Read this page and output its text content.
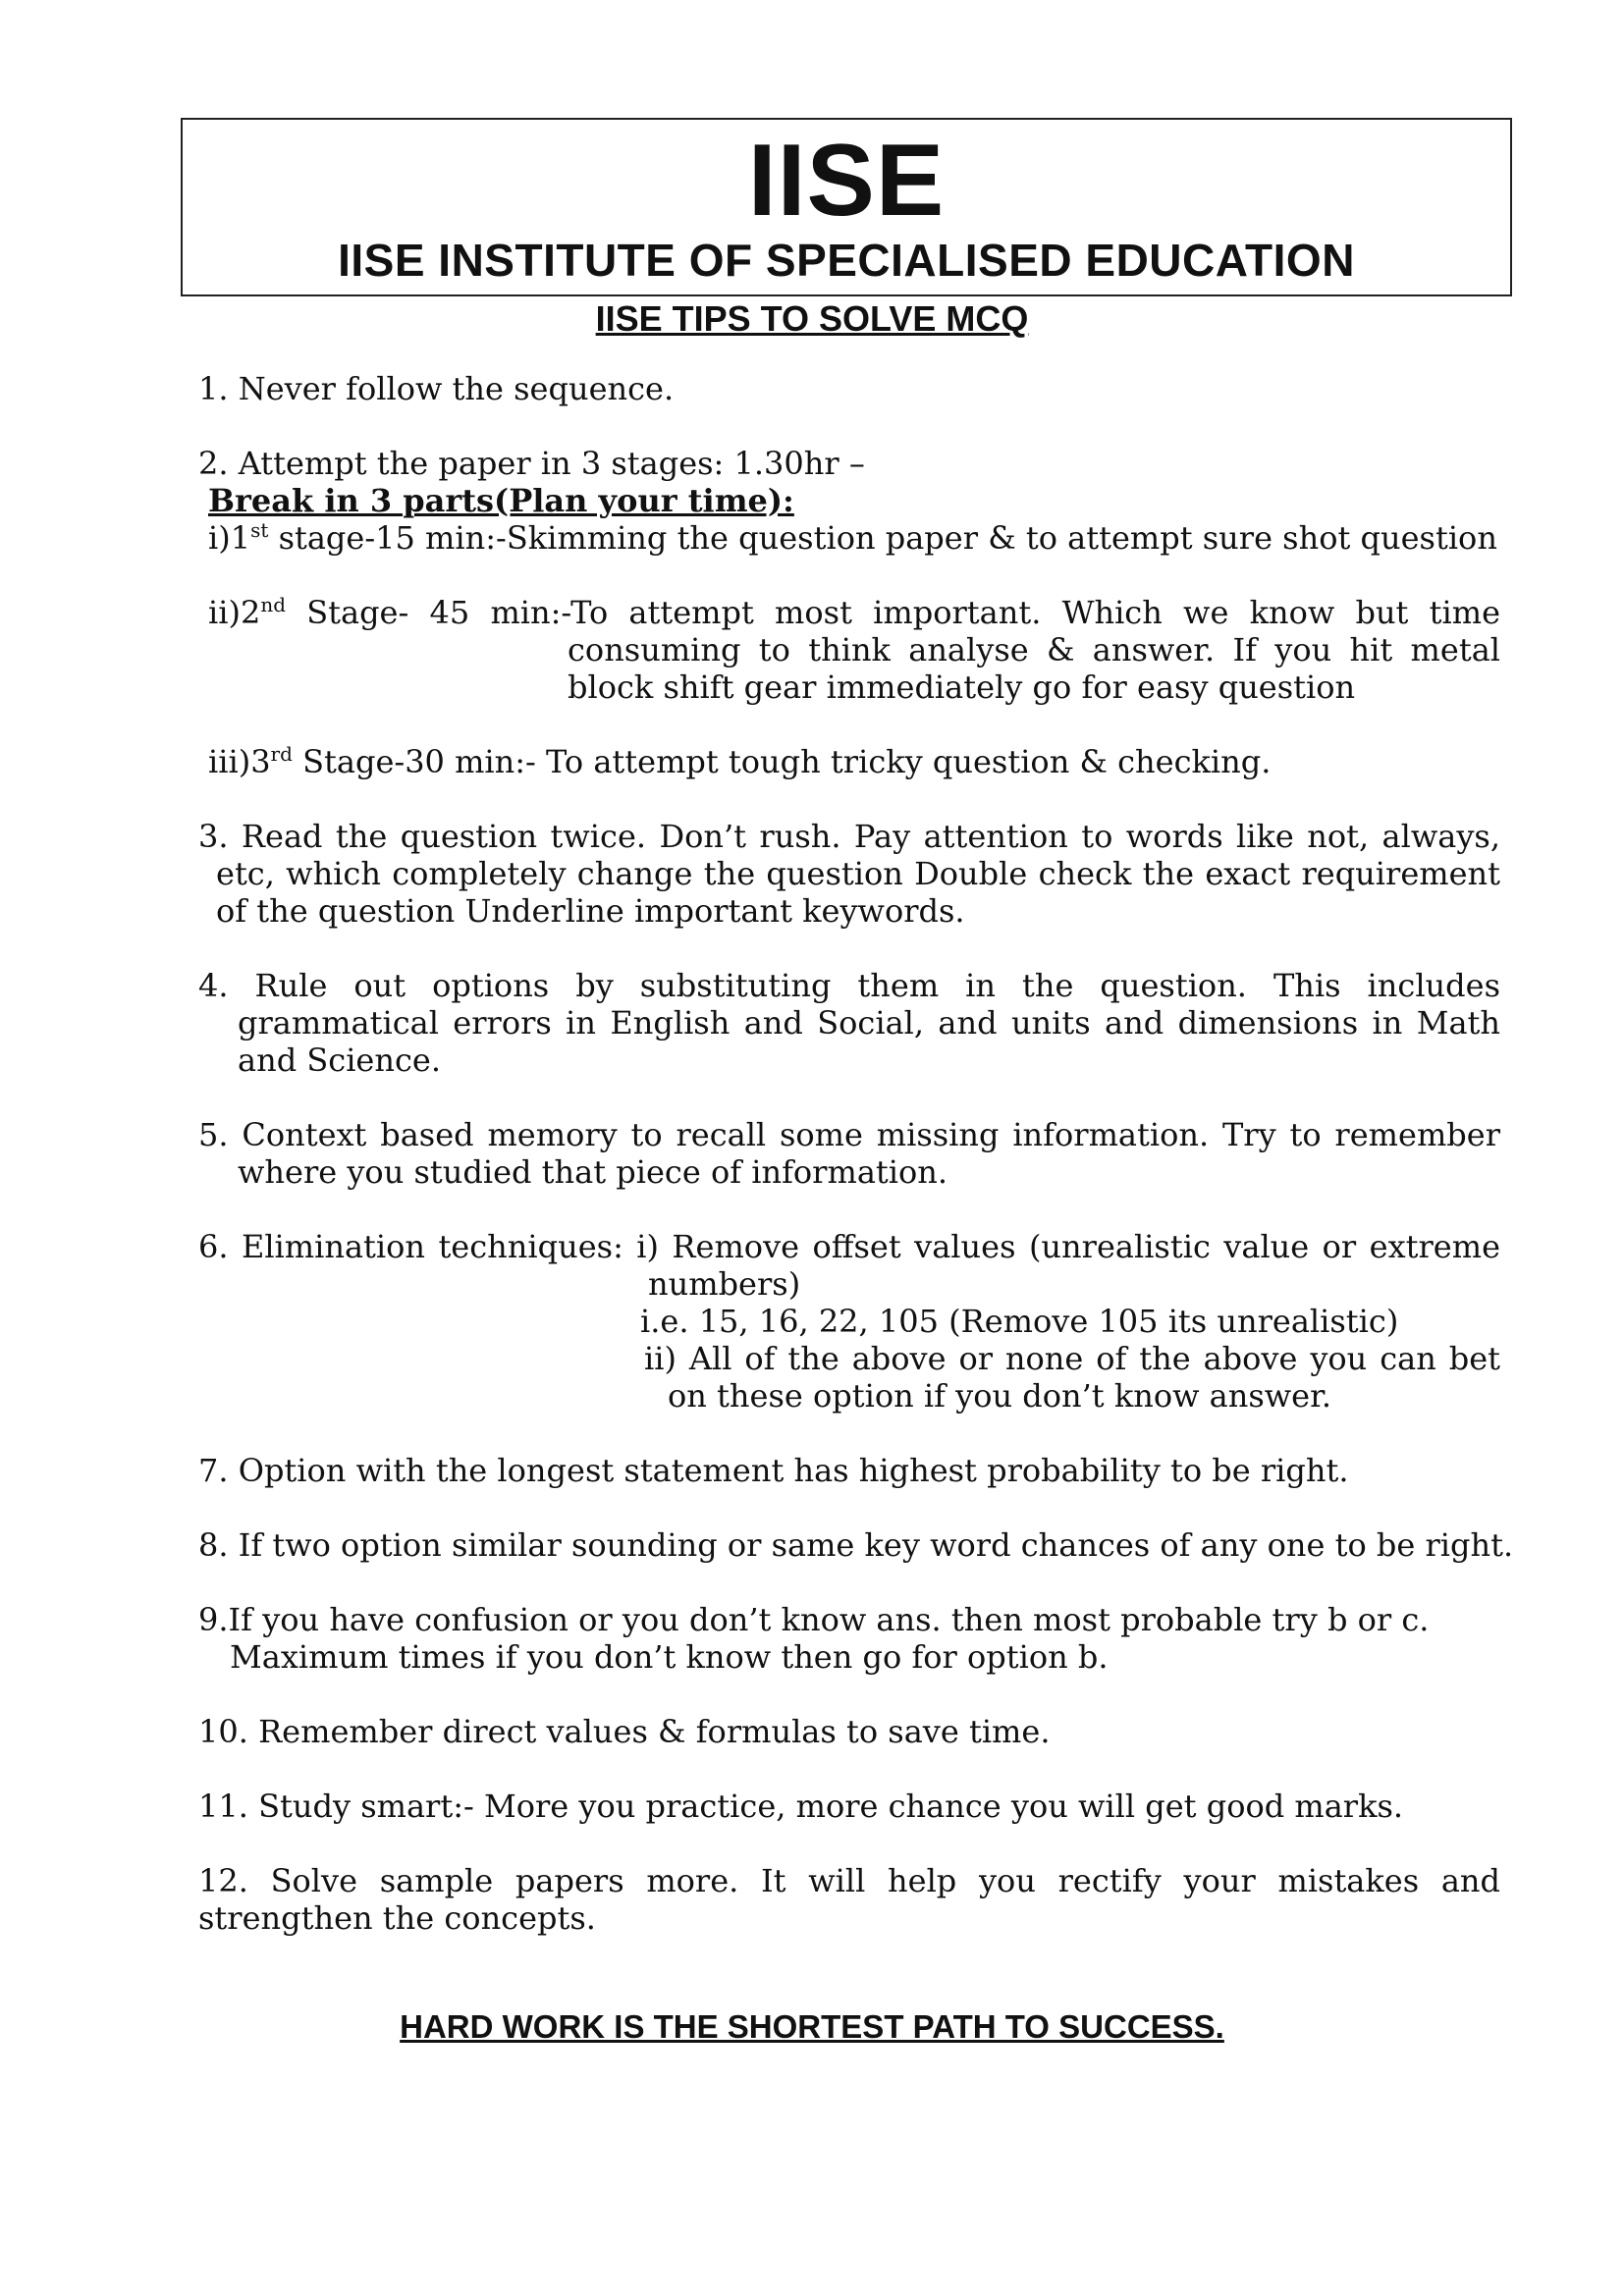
IISE
IISE INSTITUTE OF SPECIALISED EDUCATION
IISE TIPS TO SOLVE MCQ
1. Never follow the sequence.
2. Attempt the paper in 3 stages: 1.30hr –
Break in 3 parts(Plan your time):
i)1st stage-15 min:-Skimming the question paper & to attempt sure shot question
ii)2nd Stage- 45 min:-To attempt most important. Which we know but time
consuming to think analyse & answer. If you hit metal
block shift gear immediately go for easy question
iii)3rd Stage-30 min:- To attempt tough tricky question & checking.
3. Read the question twice. Don’t rush. Pay attention to words like not, always,
etc, which completely change the question Double check the exact requirement
of the question Underline important keywords.
4. Rule out options by substituting them in the question. This includes
grammatical errors in English and Social, and units and dimensions in Math
and Science.
5. Context based memory to recall some missing information. Try to remember
where you studied that piece of information.
6. Elimination techniques: i) Remove offset values (unrealistic value or extreme
numbers)
i.e. 15, 16, 22, 105 (Remove 105 its unrealistic)
ii) All of the above or none of the above you can bet
on these option if you don’t know answer.
7. Option with the longest statement has highest probability to be right.
8. If two option similar sounding or same key word chances of any one to be right.
9.If you have confusion or you don’t know ans. then most probable try b or c.
Maximum times if you don’t know then go for option b.
10. Remember direct values & formulas to save time.
11. Study smart:- More you practice, more chance you will get good marks.
12. Solve sample papers more. It will help you rectify your mistakes and
strengthen the concepts.
HARD WORK IS THE SHORTEST PATH TO SUCCESS.
